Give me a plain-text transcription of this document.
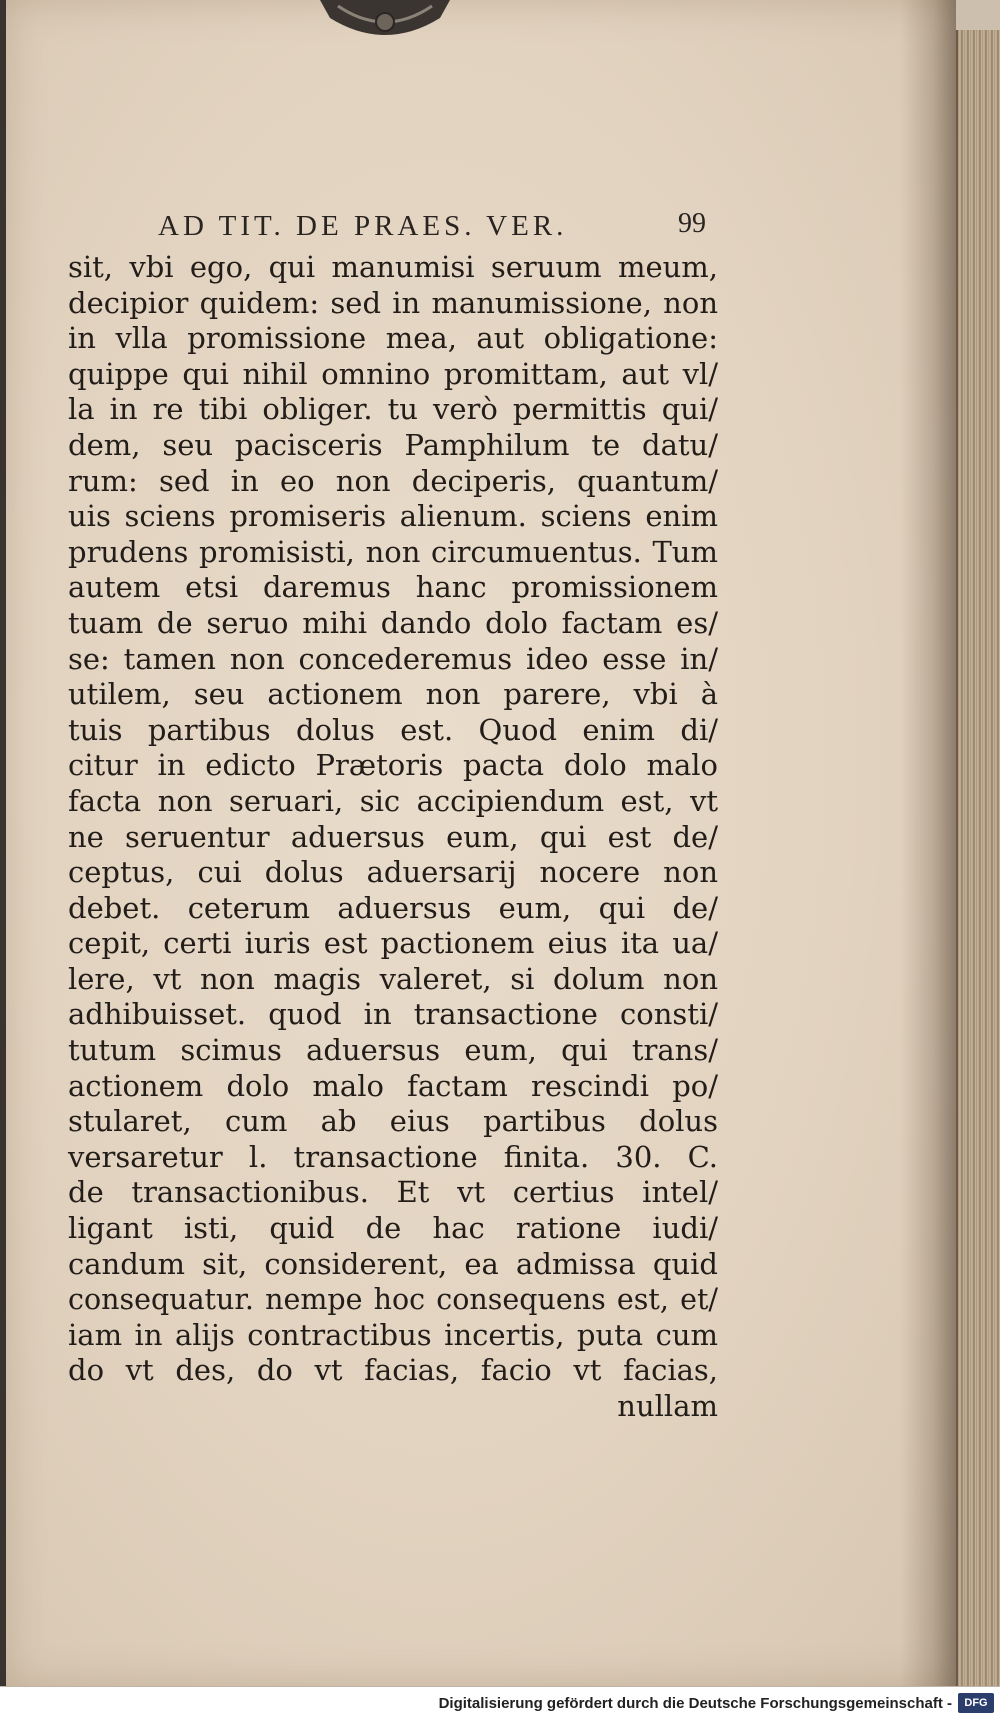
AD TIT. DE PRAES. VER.	99
sit, vbi ego, qui manumisi seruum meum,
decipior quidem: sed in manumissione, non
in vlla promissione mea, aut obligatione:
quippe qui nihil omnino promittam, aut vl/
la in re tibi obliger. tu verò permittis qui/
dem, seu pacisceris Pamphilum te datu/
rum: sed in eo non deciperis, quantum/
uis sciens promiseris alienum. sciens enim
prudens promisisti, non circumuentus. Tum
autem etsi daremus hanc promissionem
tuam de seruo mihi dando dolo factam es/
se: tamen non concederemus ideo esse in/
utilem, seu actionem non parere, vbi à
tuis partibus dolus est. Quod enim di/
citur in edicto Prætoris pacta dolo malo
facta non seruari, sic accipiendum est, vt
ne seruentur aduersus eum, qui est de/
ceptus, cui dolus aduersarij nocere non
debet. ceterum aduersus eum, qui de/
cepit, certi iuris est pactionem eius ita ua/
lere, vt non magis valeret, si dolum non
adhibuisset. quod in transactione consti/
tutum scimus aduersus eum, qui trans/
actionem dolo malo factam rescindi po/
stularet, cum ab eius partibus dolus
versaretur l. transactione finita. 30. C.
de transactionibus. Et vt certius intel/
ligant isti, quid de hac ratione iudi/
candum sit, considerent, ea admissa quid
consequatur. nempe hoc consequens est, et/
iam in alijs contractibus incertis, puta cum
do vt des, do vt facias, facio vt facias,
nullam
Digitalisierung gefördert durch die Deutsche Forschungsgemeinschaft -	DFG
